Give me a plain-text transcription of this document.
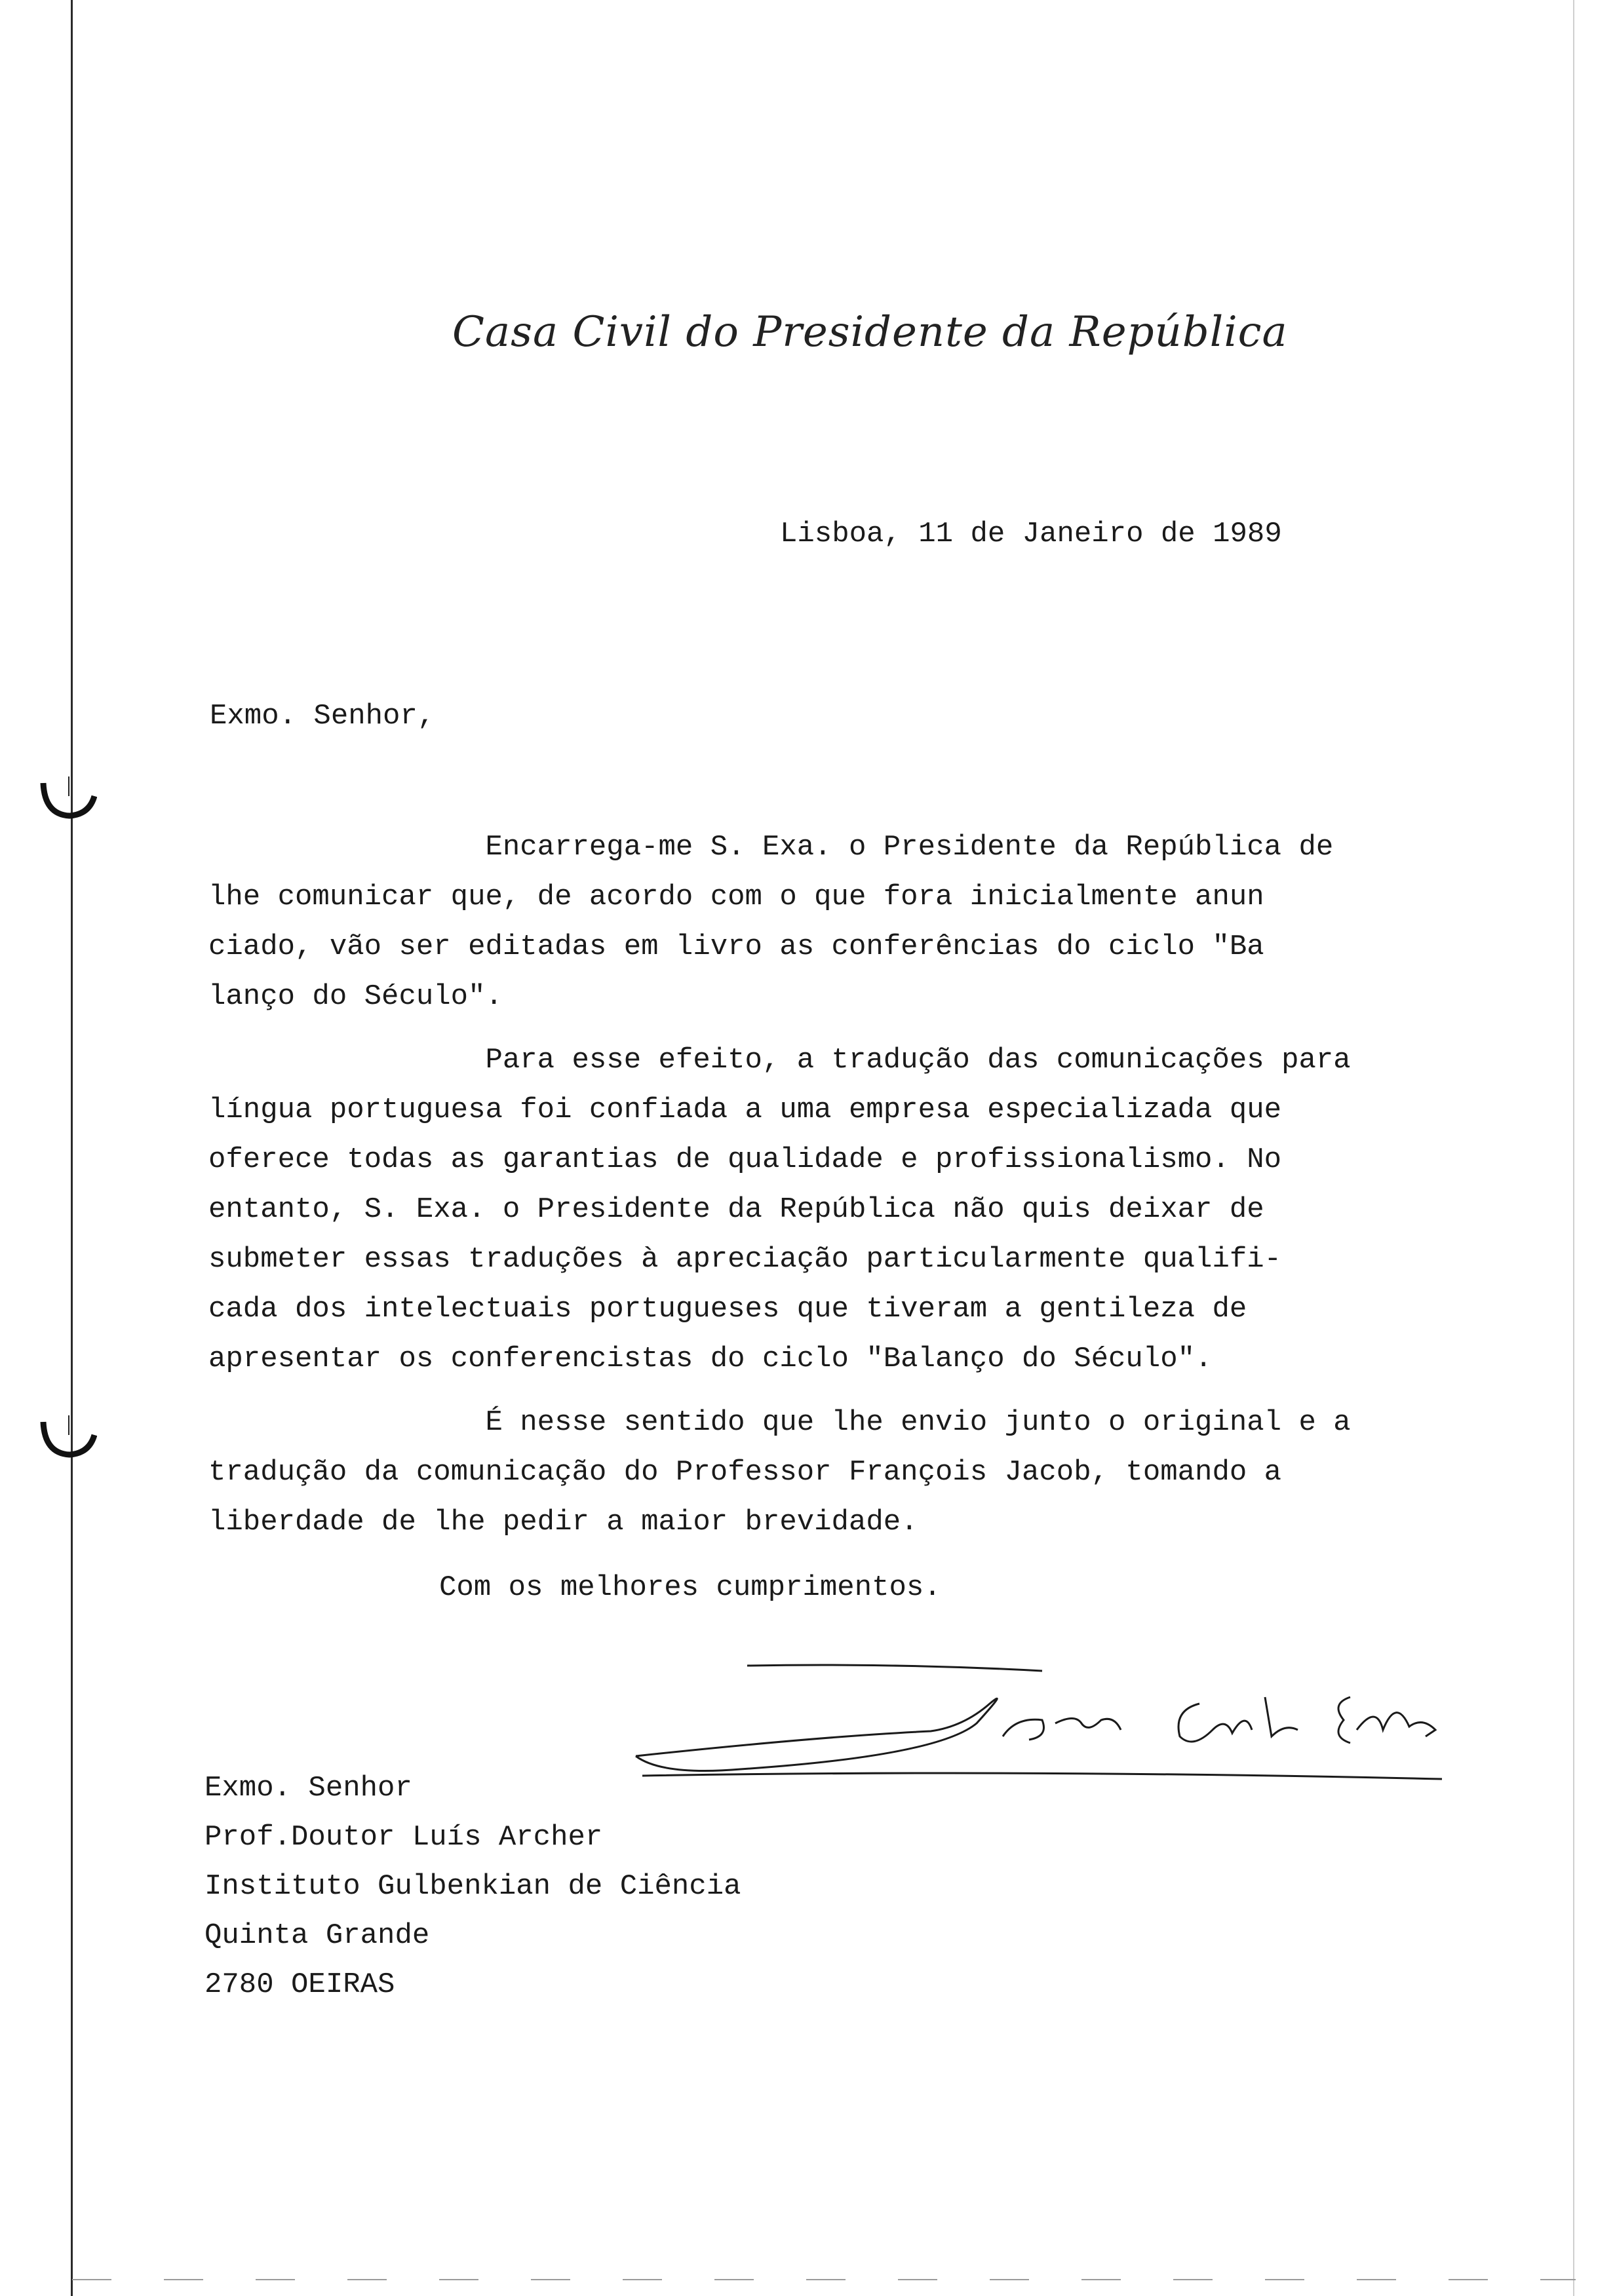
Casa Civil do Presidente da República
Lisboa, 11 de Janeiro de 1989
Exmo. Senhor,
Encarrega-me S. Exa. o Presidente da República de
lhe comunicar que, de acordo com o que fora inicialmente anun
ciado, vão ser editadas em livro as conferências do ciclo "Ba
lanço do Século".
Para esse efeito, a tradução das comunicações para
língua portuguesa foi confiada a uma empresa especializada que
oferece todas as garantias de qualidade e profissionalismo. No
entanto, S. Exa. o Presidente da República não quis deixar de
submeter essas traduções à apreciação particularmente qualifi-
cada dos intelectuais portugueses que tiveram a gentileza de
apresentar os conferencistas do ciclo "Balanço do Século".
É nesse sentido que lhe envio junto o original e a
tradução da comunicação do Professor François Jacob, tomando a
liberdade de lhe pedir a maior brevidade.
Com os melhores cumprimentos.
Exmo. Senhor
Prof.Doutor Luís Archer
Instituto Gulbenkian de Ciência
Quinta Grande
2780 OEIRAS
